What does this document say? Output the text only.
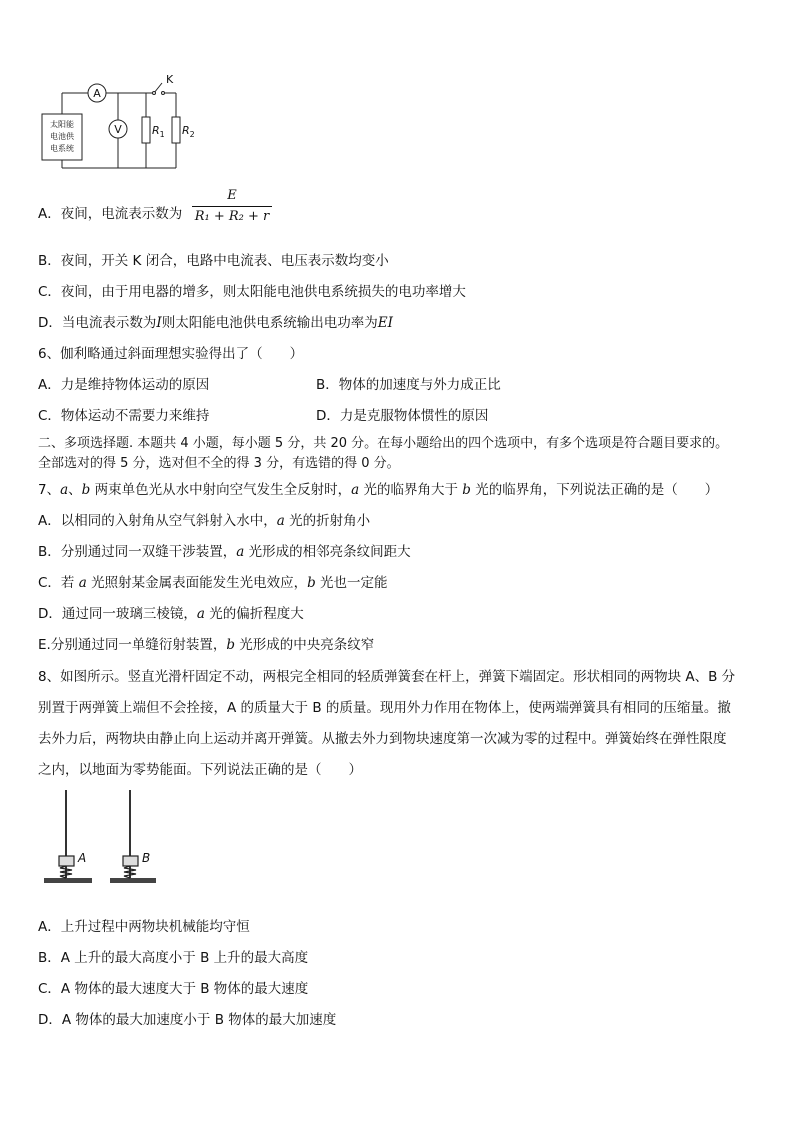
A
V
K
$R_1$ $R_2$
太阳能
电池供
电系统
A．夜间，电流表示数为
E
R₁ + R₂ + r
B．夜间，开关 K 闭合，电路中电流表、电压表示数均变小
C．夜间，由于用电器的增多，则太阳能电池供电系统损失的电功率增大
D．当电流表示数为I则太阳能电池供电系统输出电功率为EI
6、伽利略通过斜面理想实验得出了（　　）
A．力是维持物体运动的原因	B．物体的加速度与外力成正比
C．物体运动不需要力来维持	D．力是克服物体惯性的原因
二、多项选择题. 本题共 4 小题，每小题 5 分，共 20 分。在每小题给出的四个选项中，有多个选项是符合题目要求的。
全部选对的得 5 分，选对但不全的得 3 分，有选错的得 0 分。
7、a、b 两束单色光从水中射向空气发生全反射时，a 光的临界角大于 b 光的临界角，下列说法正确的是（　　）
A．以相同的入射角从空气斜射入水中，a 光的折射角小
B．分别通过同一双缝干涉装置，a 光形成的相邻亮条纹间距大
C．若 a 光照射某金属表面能发生光电效应，b 光也一定能
D．通过同一玻璃三棱镜，a 光的偏折程度大
E.分别通过同一单缝衍射装置，b 光形成的中央亮条纹窄
8、如图所示。竖直光滑杆固定不动，两根完全相同的轻质弹簧套在杆上，弹簧下端固定。形状相同的两物块 A、B 分
别置于两弹簧上端但不会拴接，A 的质量大于 B 的质量。现用外力作用在物体上，使两端弹簧具有相同的压缩量。撤
去外力后，两物块由静止向上运动并离开弹簧。从撤去外力到物块速度第一次减为零的过程中。弹簧始终在弹性限度
之内，以地面为零势能面。下列说法正确的是（　　）
A	B
A．上升过程中两物块机械能均守恒
B．A 上升的最大高度小于 B 上升的最大高度
C．A 物体的最大速度大于 B 物体的最大速度
D．A 物体的最大加速度小于 B 物体的最大加速度
